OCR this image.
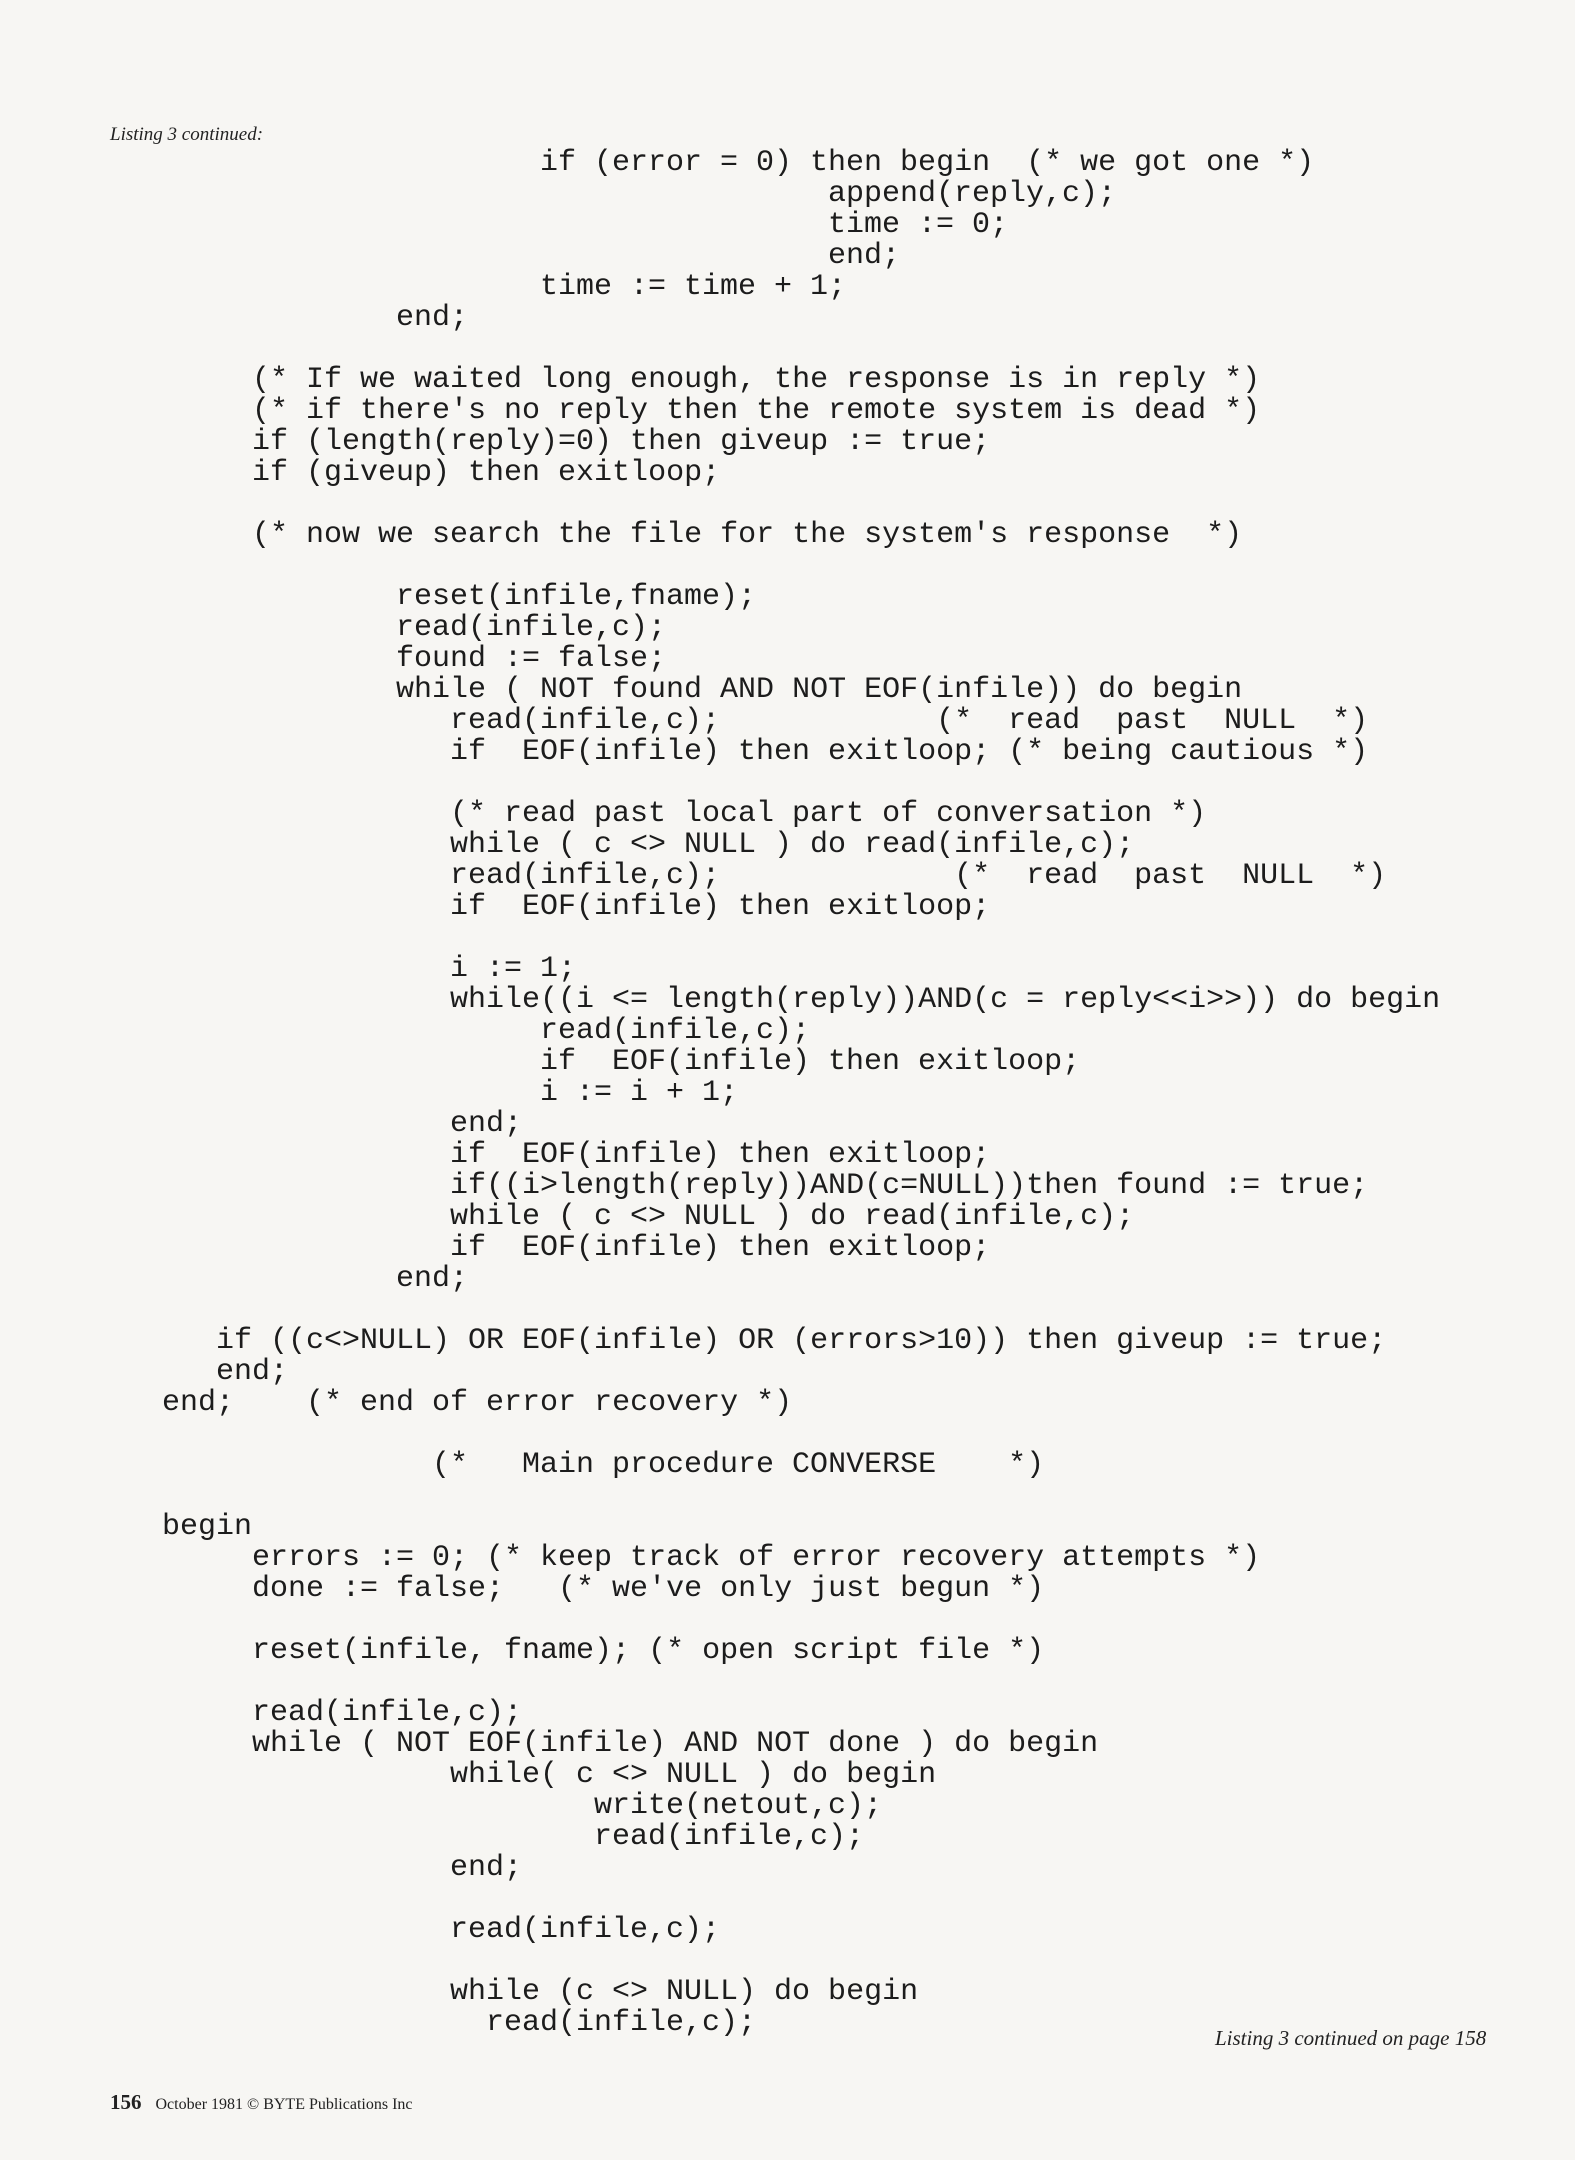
Listing 3 continued:
if (error = 0) then begin  (* we got one *)
append(reply,c);
time := 0;
end;
time := time + 1;
end;
(* If we waited long enough, the response is in reply *)
(* if there's no reply then the remote system is dead *)
if (length(reply)=0) then giveup := true;
if (giveup) then exitloop;
(* now we search the file for the system's response  *)
reset(infile,fname);
read(infile,c);
found := false;
while ( NOT found AND NOT EOF(infile)) do begin
read(infile,c);            (*  read  past  NULL  *)
if  EOF(infile) then exitloop; (* being cautious *)
(* read past local part of conversation *)
while ( c <> NULL ) do read(infile,c);
read(infile,c);             (*  read  past  NULL  *)
if  EOF(infile) then exitloop;
i := 1;
while((i <= length(reply))AND(c = reply<<i>>)) do begin
read(infile,c);
if  EOF(infile) then exitloop;
i := i + 1;
end;
if  EOF(infile) then exitloop;
if((i>length(reply))AND(c=NULL))then found := true;
while ( c <> NULL ) do read(infile,c);
if  EOF(infile) then exitloop;
end;
if ((c<>NULL) OR EOF(infile) OR (errors>10)) then giveup := true;
end;
end;    (* end of error recovery *)
(*   Main procedure CONVERSE    *)
begin
errors := 0; (* keep track of error recovery attempts *)
done := false;   (* we've only just begun *)
reset(infile, fname); (* open script file *)
read(infile,c);
while ( NOT EOF(infile) AND NOT done ) do begin
while( c <> NULL ) do begin
write(netout,c);
read(infile,c);
end;
read(infile,c);
while (c <> NULL) do begin
read(infile,c);	Listing 3 continued on page 158
156 October 1981 © BYTE Publications Inc
